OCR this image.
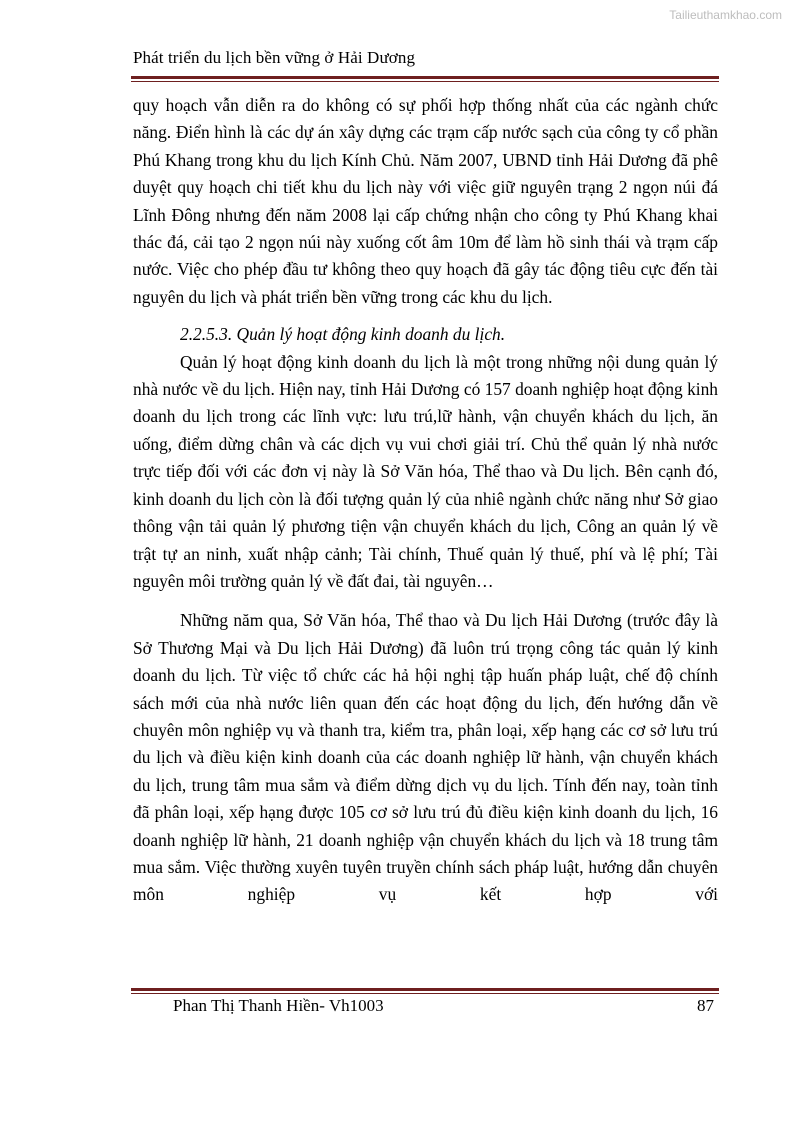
Tailieuthamkhao.com
Phát triển du lịch bền vững ở Hải Dương

quy hoạch vẫn diễn ra do không có sự phối hợp thống nhất của các ngành chức năng. Điển hình là các dự án xây dựng các trạm cấp nước sạch của công ty cổ phần Phú Khang trong khu du lịch Kính Chủ. Năm 2007, UBND tỉnh Hải Dương đã phê duyệt quy hoạch chi tiết khu du lịch này với việc giữ nguyên trạng 2 ngọn núi đá Lĩnh Đông nhưng đến năm 2008 lại cấp chứng nhận cho công ty Phú Khang khai thác đá, cải tạo 2 ngọn núi này xuống cốt âm 10m để làm hồ sinh thái và trạm cấp nước. Việc cho phép đầu tư không theo quy hoạch đã gây tác động tiêu cực đến tài nguyên du lịch và phát triển bền vững trong các khu du lịch.

2.2.5.3. Quản lý hoạt động kinh doanh du lịch.

Quản lý hoạt động kinh doanh du lịch là một trong những nội dung quản lý nhà nước về du lịch. Hiện nay, tỉnh Hải Dương có 157 doanh nghiệp hoạt động kinh doanh du lịch trong các lĩnh vực: lưu trú,lữ hành, vận chuyển khách du lịch, ăn uống, điểm dừng chân và các dịch vụ vui chơi giải trí. Chủ thể quản lý nhà nước trực tiếp đối với các đơn vị này là Sở Văn hóa, Thể thao và Du lịch. Bên cạnh đó, kinh doanh du lịch còn là đối tượng quản lý của nhiê ngành chức năng như Sở giao thông vận tải quản lý phương tiện vận chuyển khách du lịch, Công an quản lý về trật tự an ninh, xuất nhập cảnh; Tài chính, Thuế quản lý thuế, phí và lệ phí; Tài nguyên môi trường quản lý về đất đai, tài nguyên…

Những năm qua, Sở Văn hóa, Thể thao và Du lịch Hải Dương (trước đây là Sở Thương Mại và Du lịch Hải Dương) đã luôn trú trọng công tác quản lý kinh doanh du lịch. Từ việc tổ chức các hả hội nghị tập huấn pháp luật, chế độ chính sách mới của nhà nước liên quan đến các hoạt động du lịch, đến hướng dẫn về chuyên môn nghiệp vụ và thanh tra, kiểm tra, phân loại, xếp hạng các cơ sở lưu trú du lịch và điều kiện kinh doanh của các doanh nghiệp lữ hành, vận chuyển khách du lịch, trung tâm mua sắm và điểm dừng dịch vụ du lịch. Tính đến nay, toàn tỉnh đã phân loại, xếp hạng được 105 cơ sở lưu trú đủ điều kiện kinh doanh du lịch, 16 doanh nghiệp lữ hành, 21 doanh nghiệp vận chuyển khách du lịch và 18 trung tâm mua sắm. Việc thường xuyên tuyên truyền chính sách pháp luật, hướng dẫn chuyên môn nghiệp vụ kết hợp với

Phan Thị Thanh Hiền- Vh1003	87
